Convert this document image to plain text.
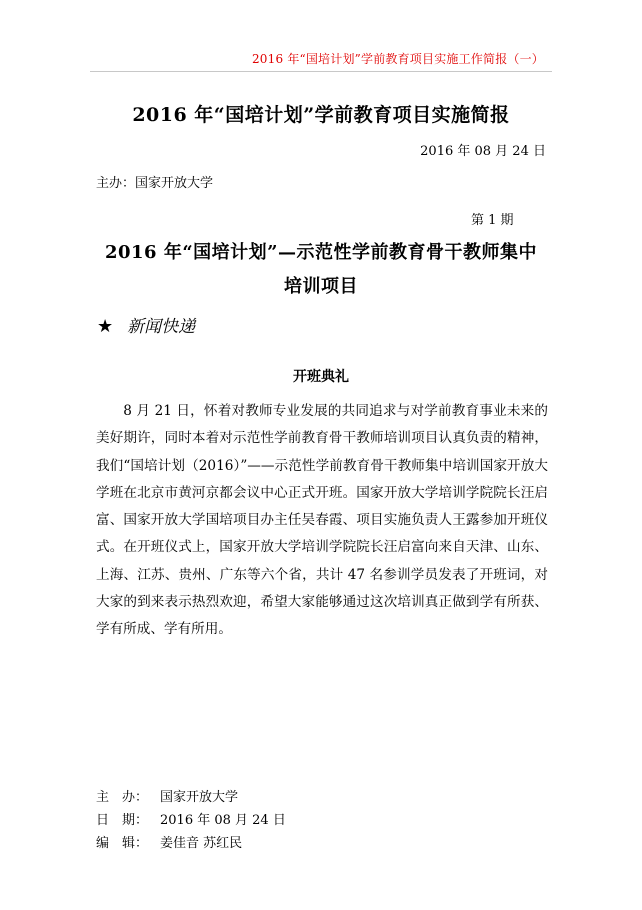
2016 年“国培计划”学前教育项目实施工作简报（一）
2016 年“国培计划”学前教育项目实施简报
2016 年 08 月 24 日
主办：国家开放大学
第 1 期
2016 年“国培计划”—示范性学前教育骨干教师集中
培训项目
★ 新闻快递
开班典礼
8 月 21 日，怀着对教师专业发展的共同追求与对学前教育事业未来的美好期许，同时本着对示范性学前教育骨干教师培训项目认真负责的精神，我们“国培计划（2016）”——示范性学前教育骨干教师集中培训国家开放大学班在北京市黄河京都会议中心正式开班。国家开放大学培训学院院长汪启富、国家开放大学国培项目办主任吴春霞、项目实施负责人王露参加开班仪式。在开班仪式上，国家开放大学培训学院院长汪启富向来自天津、山东、上海、江苏、贵州、广东等六个省，共计 47 名参训学员发表了开班词，对大家的到来表示热烈欢迎，希望大家能够通过这次培训真正做到学有所获、学有所成、学有所用。
主　办： 国家开放大学
日　期： 2016 年 08 月 24 日
编　辑： 姜佳音 苏红民
